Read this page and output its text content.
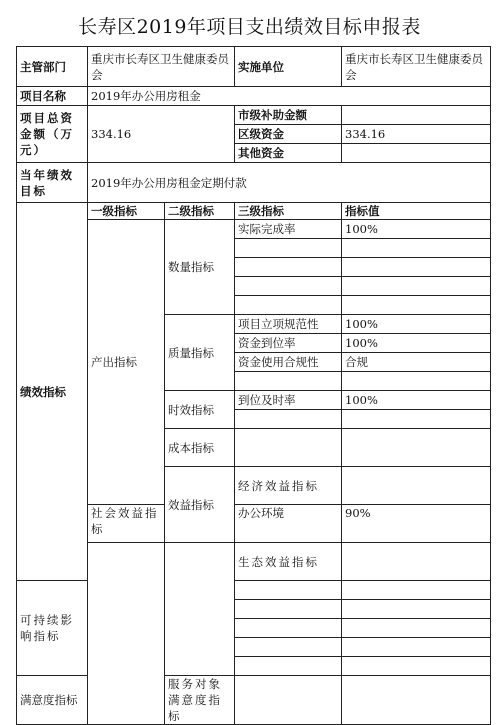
长寿区2019年项目支出绩效目标申报表
主管部门	重庆市长寿区卫生健康委员会		实施单位	重庆市长寿区卫生健康委员会	
项目名称	2019年办公用房租金				
项目总资金额（万元）	334.16		市级补助金额		
			区级资金	334.16	
			其他资金		
当年绩效目标	2019年办公用房租金定期付款				
绩效指标	一级指标	二级指标	三级指标	指标值	
	产出指标	数量指标	实际完成率	100%	

		质量指标	项目立项规范性	100%	
			资金到位率	100%	
			资金使用合规性	合规	

		时效指标	到位及时率	100%	

		成本指标			
		效益指标	经济效益指标		
	社会效益指标		办公环境	90%	
			生态效益指标		
可持续影响指标					

满意度指标		服务对象满意度指标			
